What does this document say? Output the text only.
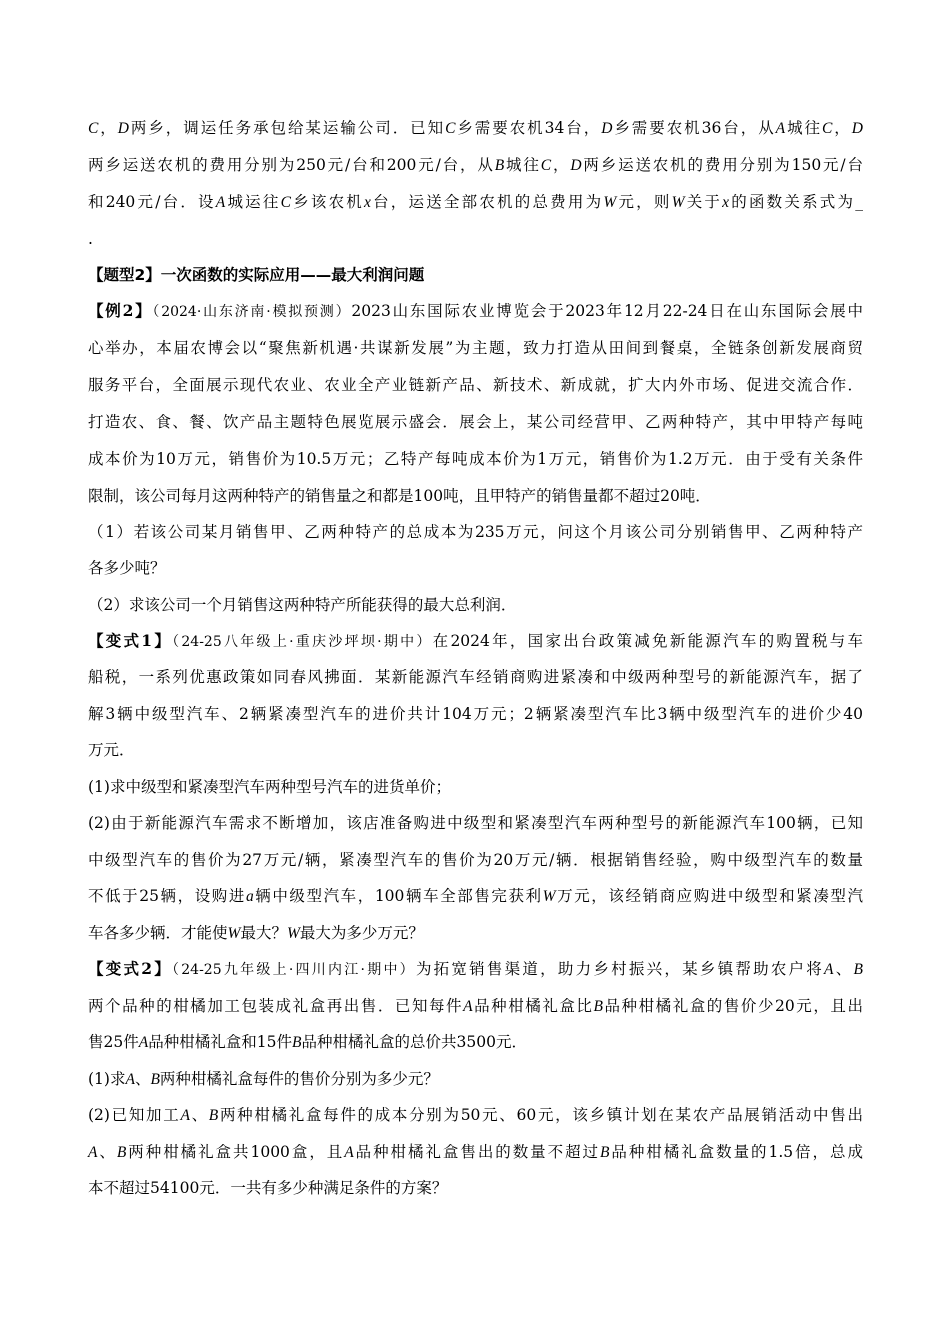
C，D两乡，调运任务承包给某运输公司．已知C乡需要农机34台，D乡需要农机36台，从A城往C，D
两乡运送农机的费用分别为250元/台和200元/台，从B城往C，D两乡运送农机的费用分别为150元/台
和240元/台．设A城运往C乡该农机x台，运送全部农机的总费用为W元，则W关于x的函数关系式为_
.
【题型2】一次函数的实际应用——最大利润问题
【例2】（2024·山东济南·模拟预测）2023山东国际农业博览会于2023年12月22-24日在山东国际会展中
心举办，本届农博会以“聚焦新机遇·共谋新发展”为主题，致力打造从田间到餐桌，全链条创新发展商贸
服务平台，全面展示现代农业、农业全产业链新产品、新技术、新成就，扩大内外市场、促进交流合作．
打造农、食、餐、饮产品主题特色展览展示盛会．展会上，某公司经营甲、乙两种特产，其中甲特产每吨
成本价为10万元，销售价为10.5万元；乙特产每吨成本价为1万元，销售价为1.2万元．由于受有关条件
限制，该公司每月这两种特产的销售量之和都是100吨，且甲特产的销售量都不超过20吨．
（1）若该公司某月销售甲、乙两种特产的总成本为235万元，问这个月该公司分别销售甲、乙两种特产
各多少吨？
（2）求该公司一个月销售这两种特产所能获得的最大总利润．
【变式1】（24-25八年级上·重庆沙坪坝·期中）在2024年，国家出台政策减免新能源汽车的购置税与车
船税，一系列优惠政策如同春风拂面．某新能源汽车经销商购进紧凑和中级两种型号的新能源汽车，据了
解3辆中级型汽车、2辆紧凑型汽车的进价共计104万元；2辆紧凑型汽车比3辆中级型汽车的进价少40
万元．
(1)求中级型和紧凑型汽车两种型号汽车的进货单价；
(2)由于新能源汽车需求不断增加，该店准备购进中级型和紧凑型汽车两种型号的新能源汽车100辆，已知
中级型汽车的售价为27万元/辆，紧凑型汽车的售价为20万元/辆．根据销售经验，购中级型汽车的数量
不低于25辆，设购进a辆中级型汽车，100辆车全部售完获利W万元，该经销商应购进中级型和紧凑型汽
车各多少辆．才能使W最大？W最大为多少万元？
【变式2】（24-25九年级上·四川内江·期中）为拓宽销售渠道，助力乡村振兴，某乡镇帮助农户将A、B
两个品种的柑橘加工包装成礼盒再出售．已知每件A品种柑橘礼盒比B品种柑橘礼盒的售价少20元，且出
售25件A品种柑橘礼盒和15件B品种柑橘礼盒的总价共3500元．
(1)求A、B两种柑橘礼盒每件的售价分别为多少元？
(2)已知加工A、B两种柑橘礼盒每件的成本分别为50元、60元，该乡镇计划在某农产品展销活动中售出
A、B两种柑橘礼盒共1000盒，且A品种柑橘礼盒售出的数量不超过B品种柑橘礼盒数量的1.5倍，总成
本不超过54100元．一共有多少种满足条件的方案？
